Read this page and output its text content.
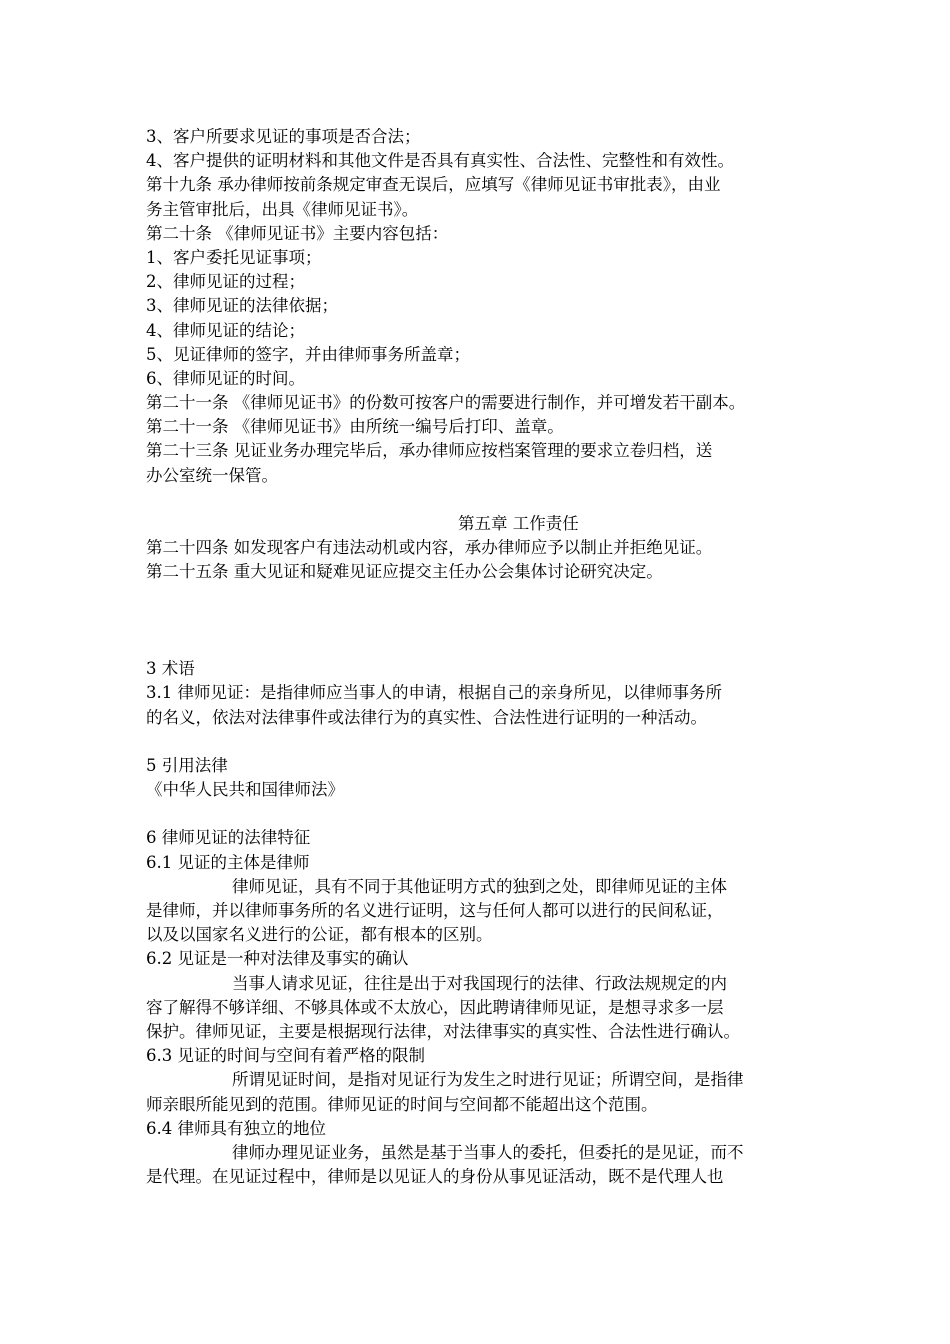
3、客户所要求见证的事项是否合法；
4、客户提供的证明材料和其他文件是否具有真实性、合法性、完整性和有效性。
第十九条 承办律师按前条规定审查无误后，应填写《律师见证书审批表》，由业
务主管审批后，出具《律师见证书》。
第二十条 《律师见证书》主要内容包括：
1、客户委托见证事项；
2、律师见证的过程；
3、律师见证的法律依据；
4、律师见证的结论；
5、见证律师的签字，并由律师事务所盖章；
6、律师见证的时间。
第二十一条 《律师见证书》的份数可按客户的需要进行制作，并可增发若干副本。
第二十一条 《律师见证书》由所统一编号后打印、盖章。
第二十三条 见证业务办理完毕后，承办律师应按档案管理的要求立卷归档，送
办公室统一保管。
第五章 工作责任
第二十四条 如发现客户有违法动机或内容，承办律师应予以制止并拒绝见证。
第二十五条 重大见证和疑难见证应提交主任办公会集体讨论研究决定。
3 术语
3.1 律师见证：是指律师应当事人的申请，根据自己的亲身所见，以律师事务所
的名义，依法对法律事件或法律行为的真实性、合法性进行证明的一种活动。
5 引用法律
《中华人民共和国律师法》
6 律师见证的法律特征
6.1 见证的主体是律师
律师见证，具有不同于其他证明方式的独到之处，即律师见证的主体
是律师，并以律师事务所的名义进行证明，这与任何人都可以进行的民间私证，
以及以国家名义进行的公证，都有根本的区别。
6.2 见证是一种对法律及事实的确认
当事人请求见证，往往是出于对我国现行的法律、行政法规规定的内
容了解得不够详细、不够具体或不太放心，因此聘请律师见证，是想寻求多一层
保护。律师见证，主要是根据现行法律，对法律事实的真实性、合法性进行确认。
6.3 见证的时间与空间有着严格的限制
所谓见证时间，是指对见证行为发生之时进行见证；所谓空间，是指律
师亲眼所能见到的范围。律师见证的时间与空间都不能超出这个范围。
6.4 律师具有独立的地位
律师办理见证业务，虽然是基于当事人的委托，但委托的是见证，而不
是代理。在见证过程中，律师是以见证人的身份从事见证活动，既不是代理人也
